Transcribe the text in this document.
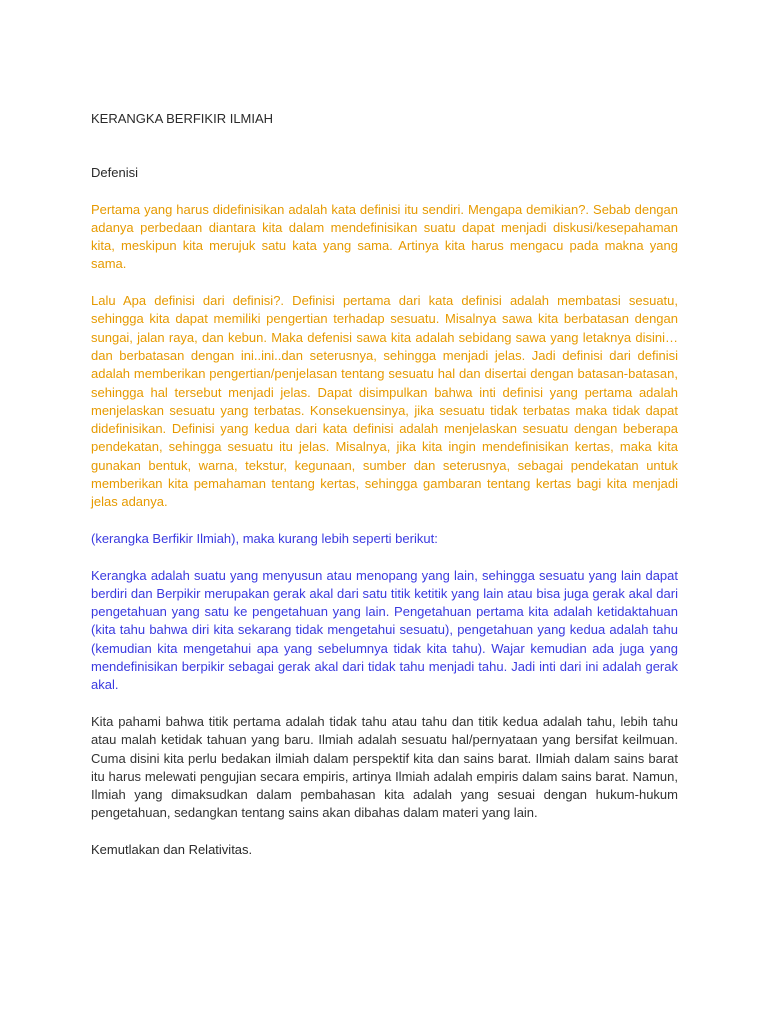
KERANGKA BERFIKIR ILMIAH
Defenisi

Pertama yang harus didefinisikan adalah kata definisi itu sendiri. Mengapa demikian?. Sebab dengan adanya perbedaan diantara kita dalam mendefinisikan suatu dapat menjadi diskusi/kesepahaman kita, meskipun kita merujuk satu kata yang sama. Artinya kita harus mengacu pada makna yang sama.

Lalu Apa definisi dari definisi?. Definisi pertama dari kata definisi adalah membatasi sesuatu, sehingga kita dapat memiliki pengertian terhadap sesuatu. Misalnya sawa kita berbatasan dengan sungai, jalan raya, dan kebun. Maka defenisi sawa kita adalah sebidang sawa yang letaknya disini…dan berbatasan dengan ini..ini..dan seterusnya, sehingga menjadi jelas. Jadi definisi dari definisi adalah memberikan pengertian/penjelasan tentang sesuatu hal dan disertai dengan batasan-batasan, sehingga hal tersebut menjadi jelas. Dapat disimpulkan bahwa inti definisi yang pertama adalah menjelaskan sesuatu yang terbatas. Konsekuensinya, jika sesuatu tidak terbatas maka tidak dapat didefinisikan. Definisi yang kedua dari kata definisi adalah menjelaskan sesuatu dengan beberapa pendekatan, sehingga sesuatu itu jelas. Misalnya, jika kita ingin mendefinisikan kertas, maka kita gunakan bentuk, warna, tekstur, kegunaan, sumber dan seterusnya, sebagai pendekatan untuk memberikan kita pemahaman tentang kertas, sehingga gambaran tentang kertas bagi kita menjadi jelas adanya.

(kerangka Berfikir Ilmiah), maka kurang lebih seperti berikut:

Kerangka adalah suatu yang menyusun atau menopang yang lain, sehingga sesuatu yang lain dapat berdiri dan Berpikir merupakan gerak akal dari satu titik ketitik yang lain atau bisa juga gerak akal dari pengetahuan yang satu ke pengetahuan yang lain. Pengetahuan pertama kita adalah ketidaktahuan (kita tahu bahwa diri kita sekarang tidak mengetahui sesuatu), pengetahuan yang kedua adalah tahu (kemudian kita mengetahui apa yang sebelumnya tidak kita tahu). Wajar kemudian ada juga yang mendefinisikan berpikir sebagai gerak akal dari tidak tahu menjadi tahu. Jadi inti dari ini adalah gerak akal.

Kita pahami bahwa titik pertama adalah tidak tahu atau tahu dan titik kedua adalah tahu, lebih tahu atau malah ketidak tahuan yang baru. Ilmiah adalah sesuatu hal/pernyataan yang bersifat keilmuan. Cuma disini kita perlu bedakan ilmiah dalam perspektif kita dan sains barat. Ilmiah dalam sains barat itu harus melewati pengujian secara empiris, artinya Ilmiah adalah empiris dalam sains barat. Namun, Ilmiah yang dimaksudkan dalam pembahasan kita adalah yang sesuai dengan hukum-hukum pengetahuan, sedangkan tentang sains akan dibahas dalam materi yang lain.

Kemutlakan dan Relativitas.
